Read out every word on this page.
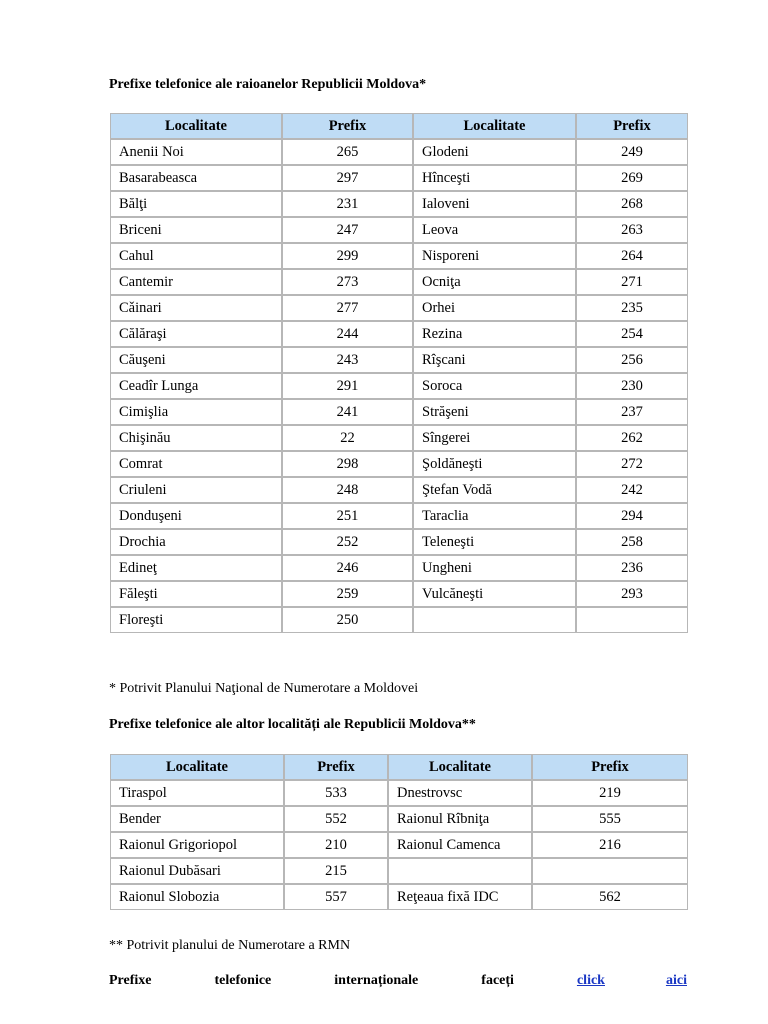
Prefixe telefonice ale raioanelor Republicii Moldova*
Localitate	Prefix	Localitate	Prefix
Anenii Noi	265	Glodeni	249
Basarabeasca	297	Hînceşti	269
Bălţi	231	Ialoveni	268
Briceni	247	Leova	263
Cahul	299	Nisporeni	264
Cantemir	273	Ocniţa	271
Cǎinari	277	Orhei	235
Călăraşi	244	Rezina	254
Căuşeni	243	Rîşcani	256
Ceadîr Lunga	291	Soroca	230
Cimişlia	241	Străşeni	237
Chişinău	22	Sîngerei	262
Comrat	298	Şoldăneşti	272
Criuleni	248	Ştefan Vodă	242
Donduşeni	251	Taraclia	294
Drochia	252	Teleneşti	258
Edineţ	246	Ungheni	236
Făleşti	259	Vulcăneşti	293
Floreşti	250		
* Potrivit Planului Naţional de Numerotare a Moldovei
Prefixe telefonice ale altor localități ale Republicii Moldova**
Localitate	Prefix	Localitate	Prefix
Tiraspol	533	Dnestrovsc	219
Bender	552	Raionul Rîbniţa	555
Raionul Grigoriopol	210	Raionul Camenca	216
Raionul Dubăsari	215		
Raionul Slobozia	557	Reţeaua fixă IDC	562
** Potrivit planului de Numerotare a RMN
Prefixe	telefonice	internaționale	faceți	click	aici
